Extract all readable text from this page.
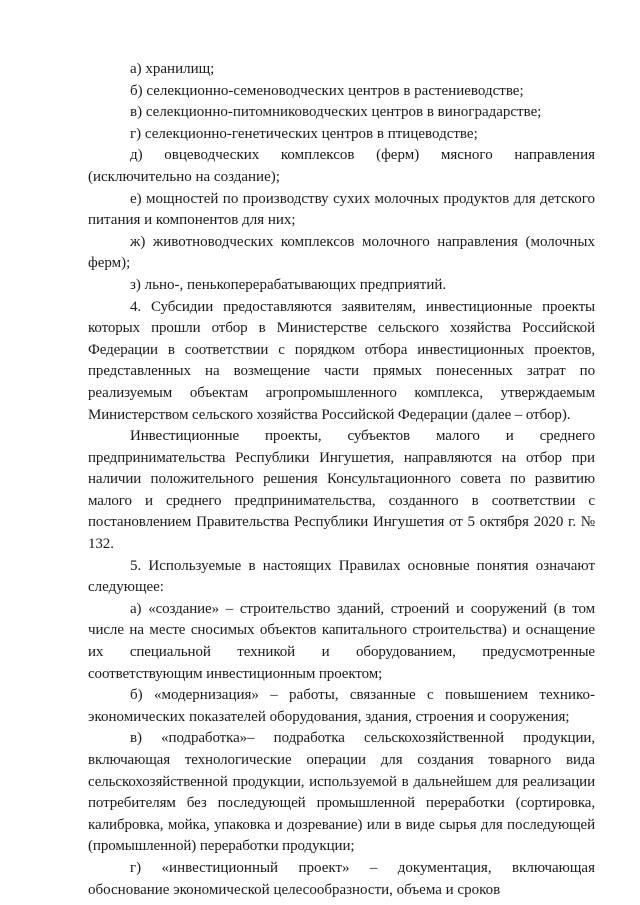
а) хранилищ;

б) селекционно-семеноводческих центров в растениеводстве;

в) селекционно-питомниководческих центров в виноградарстве;

г) селекционно-генетических центров в птицеводстве;

д) овцеводческих комплексов (ферм) мясного направления (исключительно на создание);

е) мощностей по производству сухих молочных продуктов для детского питания и компонентов для них;

ж) животноводческих комплексов молочного направления (молочных ферм);

з) льно-, пенькоперерабатывающих предприятий.

4. Субсидии предоставляются заявителям, инвестиционные проекты которых прошли отбор в Министерстве сельского хозяйства Российской Федерации в соответствии с порядком отбора инвестиционных проектов, представленных на возмещение части прямых понесенных затрат по реализуемым объектам агропромышленного комплекса, утверждаемым Министерством сельского хозяйства Российской Федерации (далее – отбор).

Инвестиционные проекты, субъектов малого и среднего предпринимательства Республики Ингушетия, направляются на отбор при наличии положительного решения Консультационного совета по развитию малого и среднего предпринимательства, созданного в соответствии с постановлением Правительства Республики Ингушетия от 5 октября 2020 г. № 132.

5. Используемые в настоящих Правилах основные понятия означают следующее:

а) «создание» – строительство зданий, строений и сооружений (в том числе на месте сносимых объектов капитального строительства) и оснащение их специальной техникой и оборудованием, предусмотренные соответствующим инвестиционным проектом;

б) «модернизация» – работы, связанные с повышением технико-экономических показателей оборудования, здания, строения и сооружения;

в) «подработка»– подработка сельскохозяйственной продукции, включающая технологические операции для создания товарного вида сельскохозяйственной продукции, используемой в дальнейшем для реализации потребителям без последующей промышленной переработки (сортировка, калибровка, мойка, упаковка и дозревание) или в виде сырья для последующей (промышленной) переработки продукции;

г) «инвестиционный проект» – документация, включающая обоснование экономической целесообразности, объема и сроков
